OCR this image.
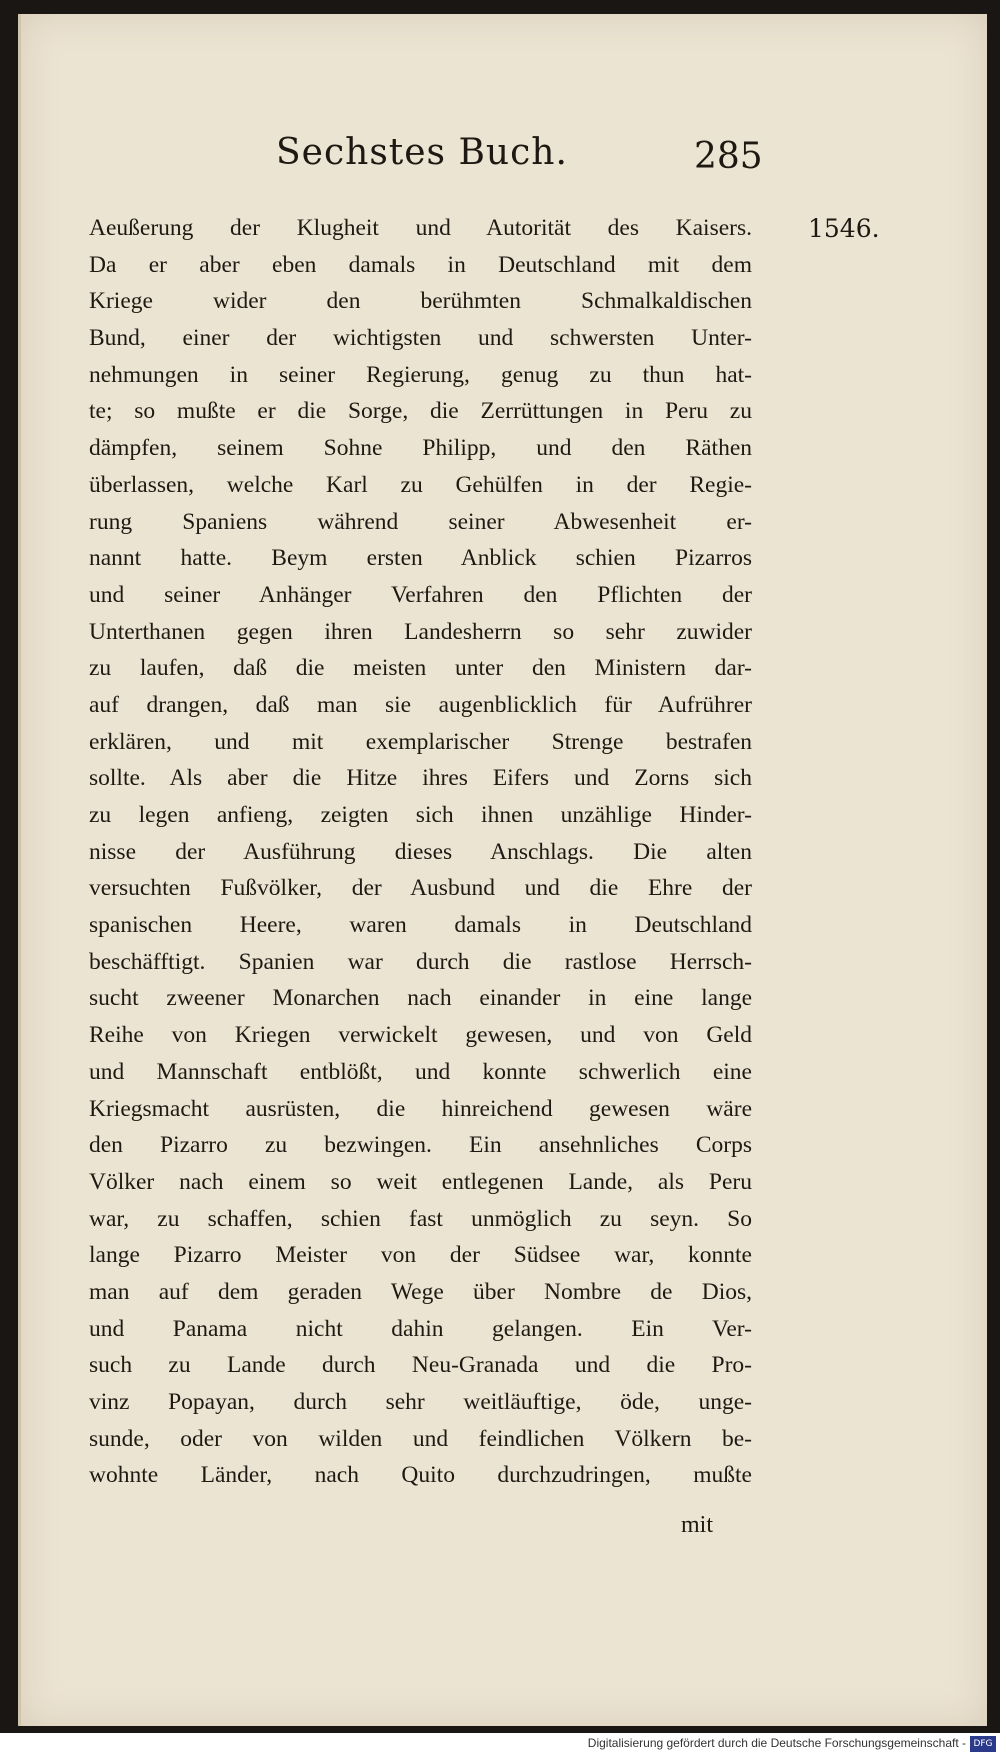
Sechstes Buch.	285
1546.
Aeußerung der Klugheit und Autorität des Kaisers.
Da er aber eben damals in Deutschland mit dem
Kriege wider den berühmten Schmalkaldischen
Bund, einer der wichtigsten und schwersten Unter-
nehmungen in seiner Regierung, genug zu thun hat-
te; so mußte er die Sorge, die Zerrüttungen in Peru zu
dämpfen, seinem Sohne Philipp, und den Räthen
überlassen, welche Karl zu Gehülfen in der Regie-
rung Spaniens während seiner Abwesenheit er-
nannt hatte. Beym ersten Anblick schien Pizarros
und seiner Anhänger Verfahren den Pflichten der
Unterthanen gegen ihren Landesherrn so sehr zuwider
zu laufen, daß die meisten unter den Ministern dar-
auf drangen, daß man sie augenblicklich für Aufrührer
erklären, und mit exemplarischer Strenge bestrafen
sollte. Als aber die Hitze ihres Eifers und Zorns sich
zu legen anfieng, zeigten sich ihnen unzählige Hinder-
nisse der Ausführung dieses Anschlags. Die alten
versuchten Fußvölker, der Ausbund und die Ehre der
spanischen Heere, waren damals in Deutschland
beschäfftigt. Spanien war durch die rastlose Herrsch-
sucht zweener Monarchen nach einander in eine lange
Reihe von Kriegen verwickelt gewesen, und von Geld
und Mannschaft entblößt, und konnte schwerlich eine
Kriegsmacht ausrüsten, die hinreichend gewesen wäre
den Pizarro zu bezwingen. Ein ansehnliches Corps
Völker nach einem so weit entlegenen Lande, als Peru
war, zu schaffen, schien fast unmöglich zu seyn. So
lange Pizarro Meister von der Südsee war, konnte
man auf dem geraden Wege über Nombre de Dios,
und Panama nicht dahin gelangen. Ein Ver-
such zu Lande durch Neu-Granada und die Pro-
vinz Popayan, durch sehr weitläuftige, öde, unge-
sunde, oder von wilden und feindlichen Völkern be-
wohnte Länder, nach Quito durchzudringen, mußte
mit
Digitalisierung gefördert durch die Deutsche Forschungsgemeinschaft - DFG
